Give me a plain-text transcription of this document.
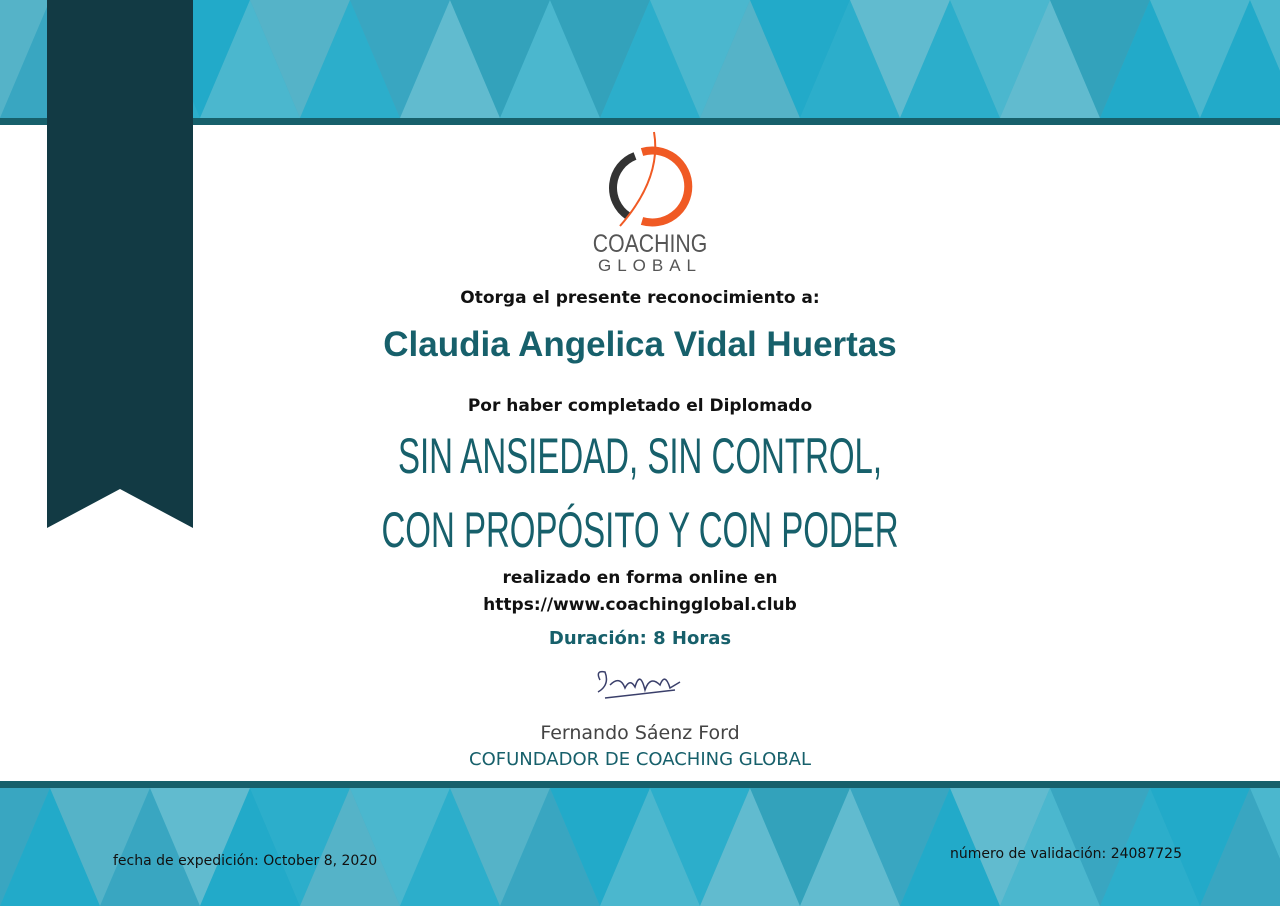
COACHING
GLOBAL
Otorga el presente reconocimiento a:
Claudia Angelica Vidal Huertas
Por haber completado el Diplomado
SIN ANSIEDAD, SIN CONTROL,
CON PROPÓSITO Y CON PODER
realizado en forma online en
https://www.coachingglobal.club
Duración: 8 Horas
Fernando Sáenz Ford
COFUNDADOR DE COACHING GLOBAL
fecha de expedición: October 8, 2020	número de validación: 24087725
